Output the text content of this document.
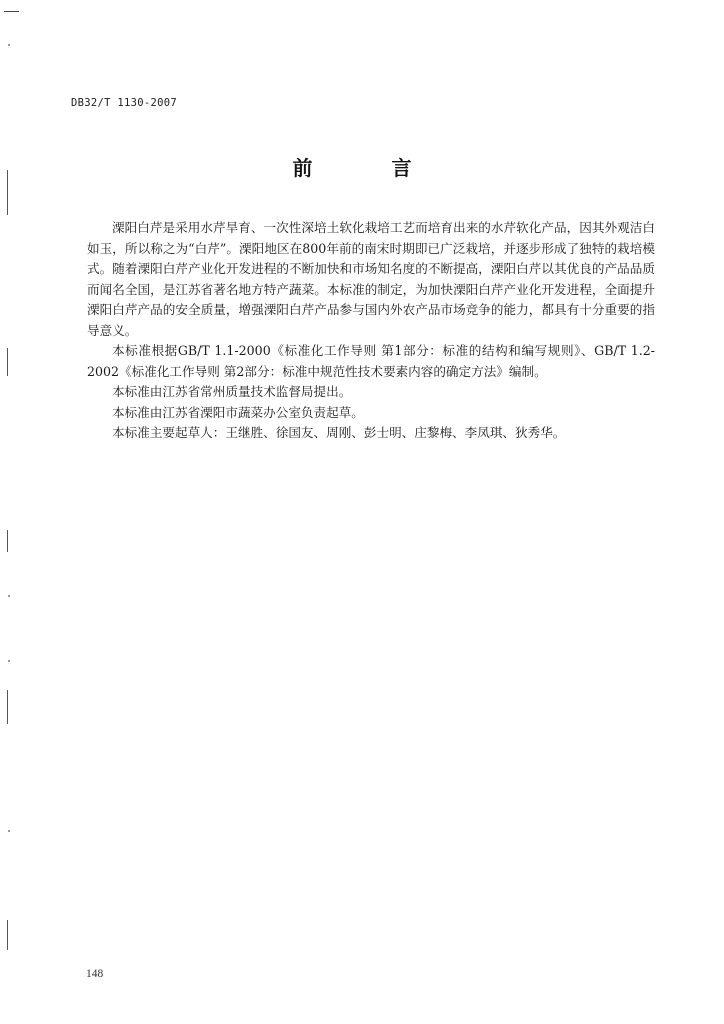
DB32/T 1130-2007
前 言

溧阳白芹是采用水芹旱育、一次性深培土软化栽培工艺而培育出来的水芹软化产品，因其外观洁白如玉，所以称之为“白芹”。溧阳地区在800年前的南宋时期即已广泛栽培，并逐步形成了独特的栽培模式。随着溧阳白芹产业化开发进程的不断加快和市场知名度的不断提高，溧阳白芹以其优良的产品品质而闻名全国，是江苏省著名地方特产蔬菜。本标准的制定，为加快溧阳白芹产业化开发进程，全面提升溧阳白芹产品的安全质量，增强溧阳白芹产品参与国内外农产品市场竞争的能力，都具有十分重要的指导意义。

本标准根据GB/T 1.1-2000《标准化工作导则 第1部分：标准的结构和编写规则》、GB/T 1.2-2002《标准化工作导则 第2部分：标准中规范性技术要素内容的确定方法》编制。

本标准由江苏省常州质量技术监督局提出。

本标准由江苏省溧阳市蔬菜办公室负责起草。

本标准主要起草人：王继胜、徐国友、周刚、彭士明、庄黎梅、李凤琪、狄秀华。

148
